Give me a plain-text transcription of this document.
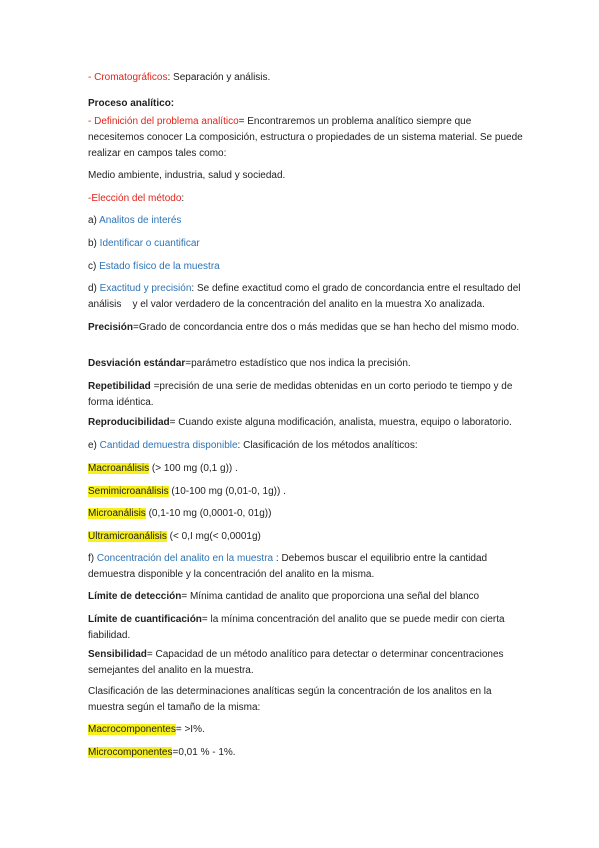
- Cromatográficos: Separación y análisis.

Proceso analítico:

- Definición del problema analítico= Encontraremos un problema analítico siempre que necesitemos conocer La composición, estructura o propiedades de un sistema material. Se puede realizar en campos tales como:

Medio ambiente, industria, salud y sociedad.

-Elección del método:

a) Analitos de interés

b) Identificar o cuantificar

c) Estado físico de la muestra

d) Exactitud y precisión: Se define exactitud como el grado de concordancia entre el resultado del análisis    y el valor verdadero de la concentración del analito en la muestra Xo analizada.

Precisión=Grado de concordancia entre dos o más medidas que se han hecho del mismo modo.

Desviación estándar=parámetro estadístico que nos indica la precisión.

Repetibilidad =precisión de una serie de medidas obtenidas en un corto periodo te tiempo y de forma idéntica.

Reproducibilidad= Cuando existe alguna modificación, analista, muestra, equipo o laboratorio.

e) Cantidad demuestra disponible: Clasificación de los métodos analíticos:

Macroanálisis (> 100 mg (0,1 g)) .

Semimicroanálisis (10-100 mg (0,01-0, 1g)) .

Microanálisis (0,1-10 mg (0,0001-0, 01g))

Ultramicroanálisis (< 0,I mg(< 0,0001g)

f) Concentración del analito en la muestra : Debemos buscar el equilibrio entre la cantidad demuestra disponible y la concentración del analito en la misma.

Límite de detección= Mínima cantidad de analito que proporciona una señal del blanco

Límite de cuantificación= la mínima concentración del analito que se puede medir con cierta fiabilidad.

Sensibilidad= Capacidad de un método analítico para detectar o determinar concentraciones semejantes del analito en la muestra.

Clasificación de las determinaciones analíticas según la concentración de los analitos en la muestra según el tamaño de la misma:

Macrocomponentes= >I%.

Microcomponentes=0,01 % - 1%.
